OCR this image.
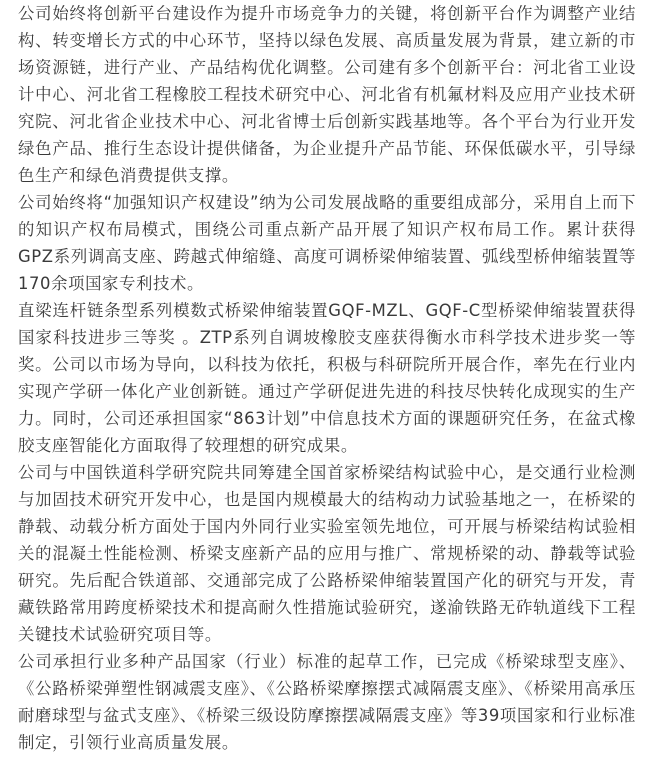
公司始终将创新平台建设作为提升市场竞争力的关键，将创新平台作为调整产业结构、转变增长方式的中心环节，坚持以绿色发展、高质量发展为背景，建立新的市场资源链，进行产业、产品结构优化调整。公司建有多个创新平台：河北省工业设计中心、河北省工程橡胶工程技术研究中心、河北省有机氟材料及应用产业技术研究院、河北省企业技术中心、河北省博士后创新实践基地等。各个平台为行业开发绿色产品、推行生态设计提供储备，为企业提升产品节能、环保低碳水平，引导绿色生产和绿色消费提供支撑。

公司始终将“加强知识产权建设”纳为公司发展战略的重要组成部分，采用自上而下的知识产权布局模式，围绕公司重点新产品开展了知识产权布局工作。累计获得GPZ系列调高支座、跨越式伸缩缝、高度可调桥梁伸缩装置、弧线型桥伸缩装置等170余项国家专利技术。

直梁连杆链条型系列模数式桥梁伸缩装置GQF-MZL、GQF-C型桥梁伸缩装置获得国家科技进步三等奖 。ZTP系列自调坡橡胶支座获得衡水市科学技术进步奖一等奖。公司以市场为导向，以科技为依托，积极与科研院所开展合作，率先在行业内实现产学研一体化产业创新链。通过产学研促进先进的科技尽快转化成现实的生产力。同时，公司还承担国家“863计划”中信息技术方面的课题研究任务，在盆式橡胶支座智能化方面取得了较理想的研究成果。

公司与中国铁道科学研究院共同筹建全国首家桥梁结构试验中心，是交通行业检测与加固技术研究开发中心，也是国内规模最大的结构动力试验基地之一，在桥梁的静载、动载分析方面处于国内外同行业实验室领先地位，可开展与桥梁结构试验相关的混凝土性能检测、桥梁支座新产品的应用与推广、常规桥梁的动、静载等试验研究。先后配合铁道部、交通部完成了公路桥梁伸缩装置国产化的研究与开发，青藏铁路常用跨度桥梁技术和提高耐久性措施试验研究，遂渝铁路无砟轨道线下工程关键技术试验研究项目等。

公司承担行业多种产品国家（行业）标准的起草工作，已完成《桥梁球型支座》、《公路桥梁弹塑性钢减震支座》、《公路桥梁摩擦摆式减隔震支座》、《桥梁用高承压耐磨球型与盆式支座》、《桥梁三级设防摩擦摆减隔震支座》等39项国家和行业标准制定，引领行业高质量发展。
